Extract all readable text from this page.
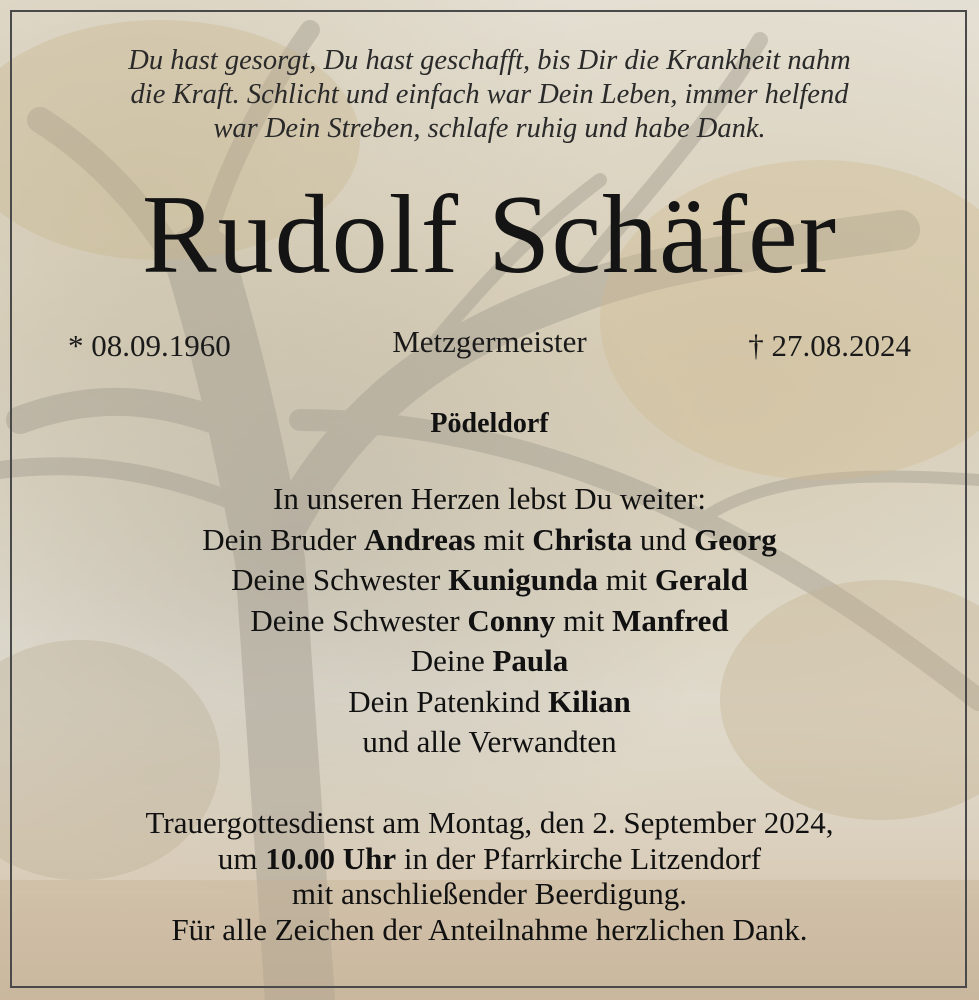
Du hast gesorgt, Du hast geschafft, bis Dir die Krankheit nahm
die Kraft. Schlicht und einfach war Dein Leben, immer helfend
war Dein Streben, schlafe ruhig und habe Dank.
Rudolf Schäfer
* 08.09.1960	Metzgermeister	† 27.08.2024
Pödeldorf
In unseren Herzen lebst Du weiter:
Dein Bruder Andreas mit Christa und Georg
Deine Schwester Kunigunda mit Gerald
Deine Schwester Conny mit Manfred
Deine Paula
Dein Patenkind Kilian
und alle Verwandten
Trauergottesdienst am Montag, den 2. September 2024,
um 10.00 Uhr in der Pfarrkirche Litzendorf
mit anschließender Beerdigung.
Für alle Zeichen der Anteilnahme herzlichen Dank.
